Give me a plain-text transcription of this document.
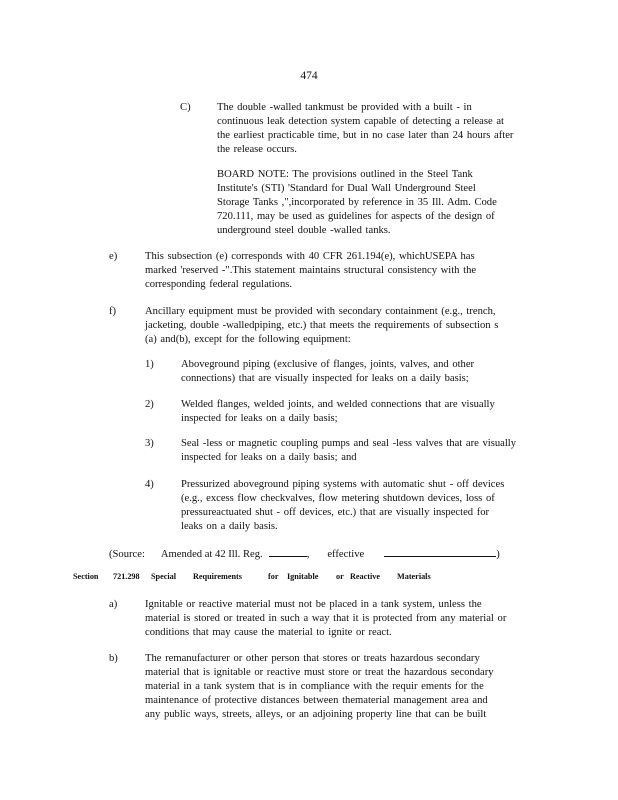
474
C) The double -walled tankmust be provided with a built - in
continuous leak detection system capable of detecting a release at
the earliest practicable time, but in no case later than 24 hours after
the release occurs.
BOARD NOTE: The provisions outlined in the Steel Tank
Institute's (STI) 'Standard for Dual Wall Underground Steel
Storage Tanks ,",incorporated by reference in 35 Ill. Adm. Code
720.111, may be used as guidelines for aspects of the design of
underground steel double -walled tanks.
e)	This subsection (e) corresponds with 40 CFR 261.194(e), whichUSEPA has
marked 'reserved -".This statement maintains structural consistency with the
corresponding federal regulations.
f)	Ancillary equipment must be provided with secondary containment (e.g., trench,
jacketing, double -walledpiping, etc.) that meets the requirements of subsection s
(a) and(b), except for the following equipment:
1)	Aboveground piping (exclusive of flanges, joints, valves, and other
connections) that are visually inspected for leaks on a daily basis;
2)	Welded flanges, welded joints, and welded connections that are visually
inspected for leaks on a daily basis;
3)	Seal -less or magnetic coupling pumps and seal -less valves that are visually
inspected for leaks on a daily basis; and
4)	Pressurized aboveground piping systems with automatic shut - off devices
(e.g., excess flow checkvalves, flow metering shutdown devices, loss of
pressureactuated shut - off devices, etc.) that are visually inspected for
leaks on a daily basis.
(Source: Amended at 42 Ill. Reg.	, effective	)
Section 721.298 Special Requirements	for Ignitable or Reactive Materials
a)	Ignitable or reactive material must not be placed in a tank system, unless the
material is stored or treated in such a way that it is protected from any material or
conditions that may cause the material to ignite or react.
b)	The remanufacturer or other person that stores or treats hazardous secondary
material that is ignitable or reactive must store or treat the hazardous secondary
material in a tank system that is in compliance with the requir ements for the
maintenance of protective distances between thematerial management area and
any public ways, streets, alleys, or an adjoining property line that can be built
